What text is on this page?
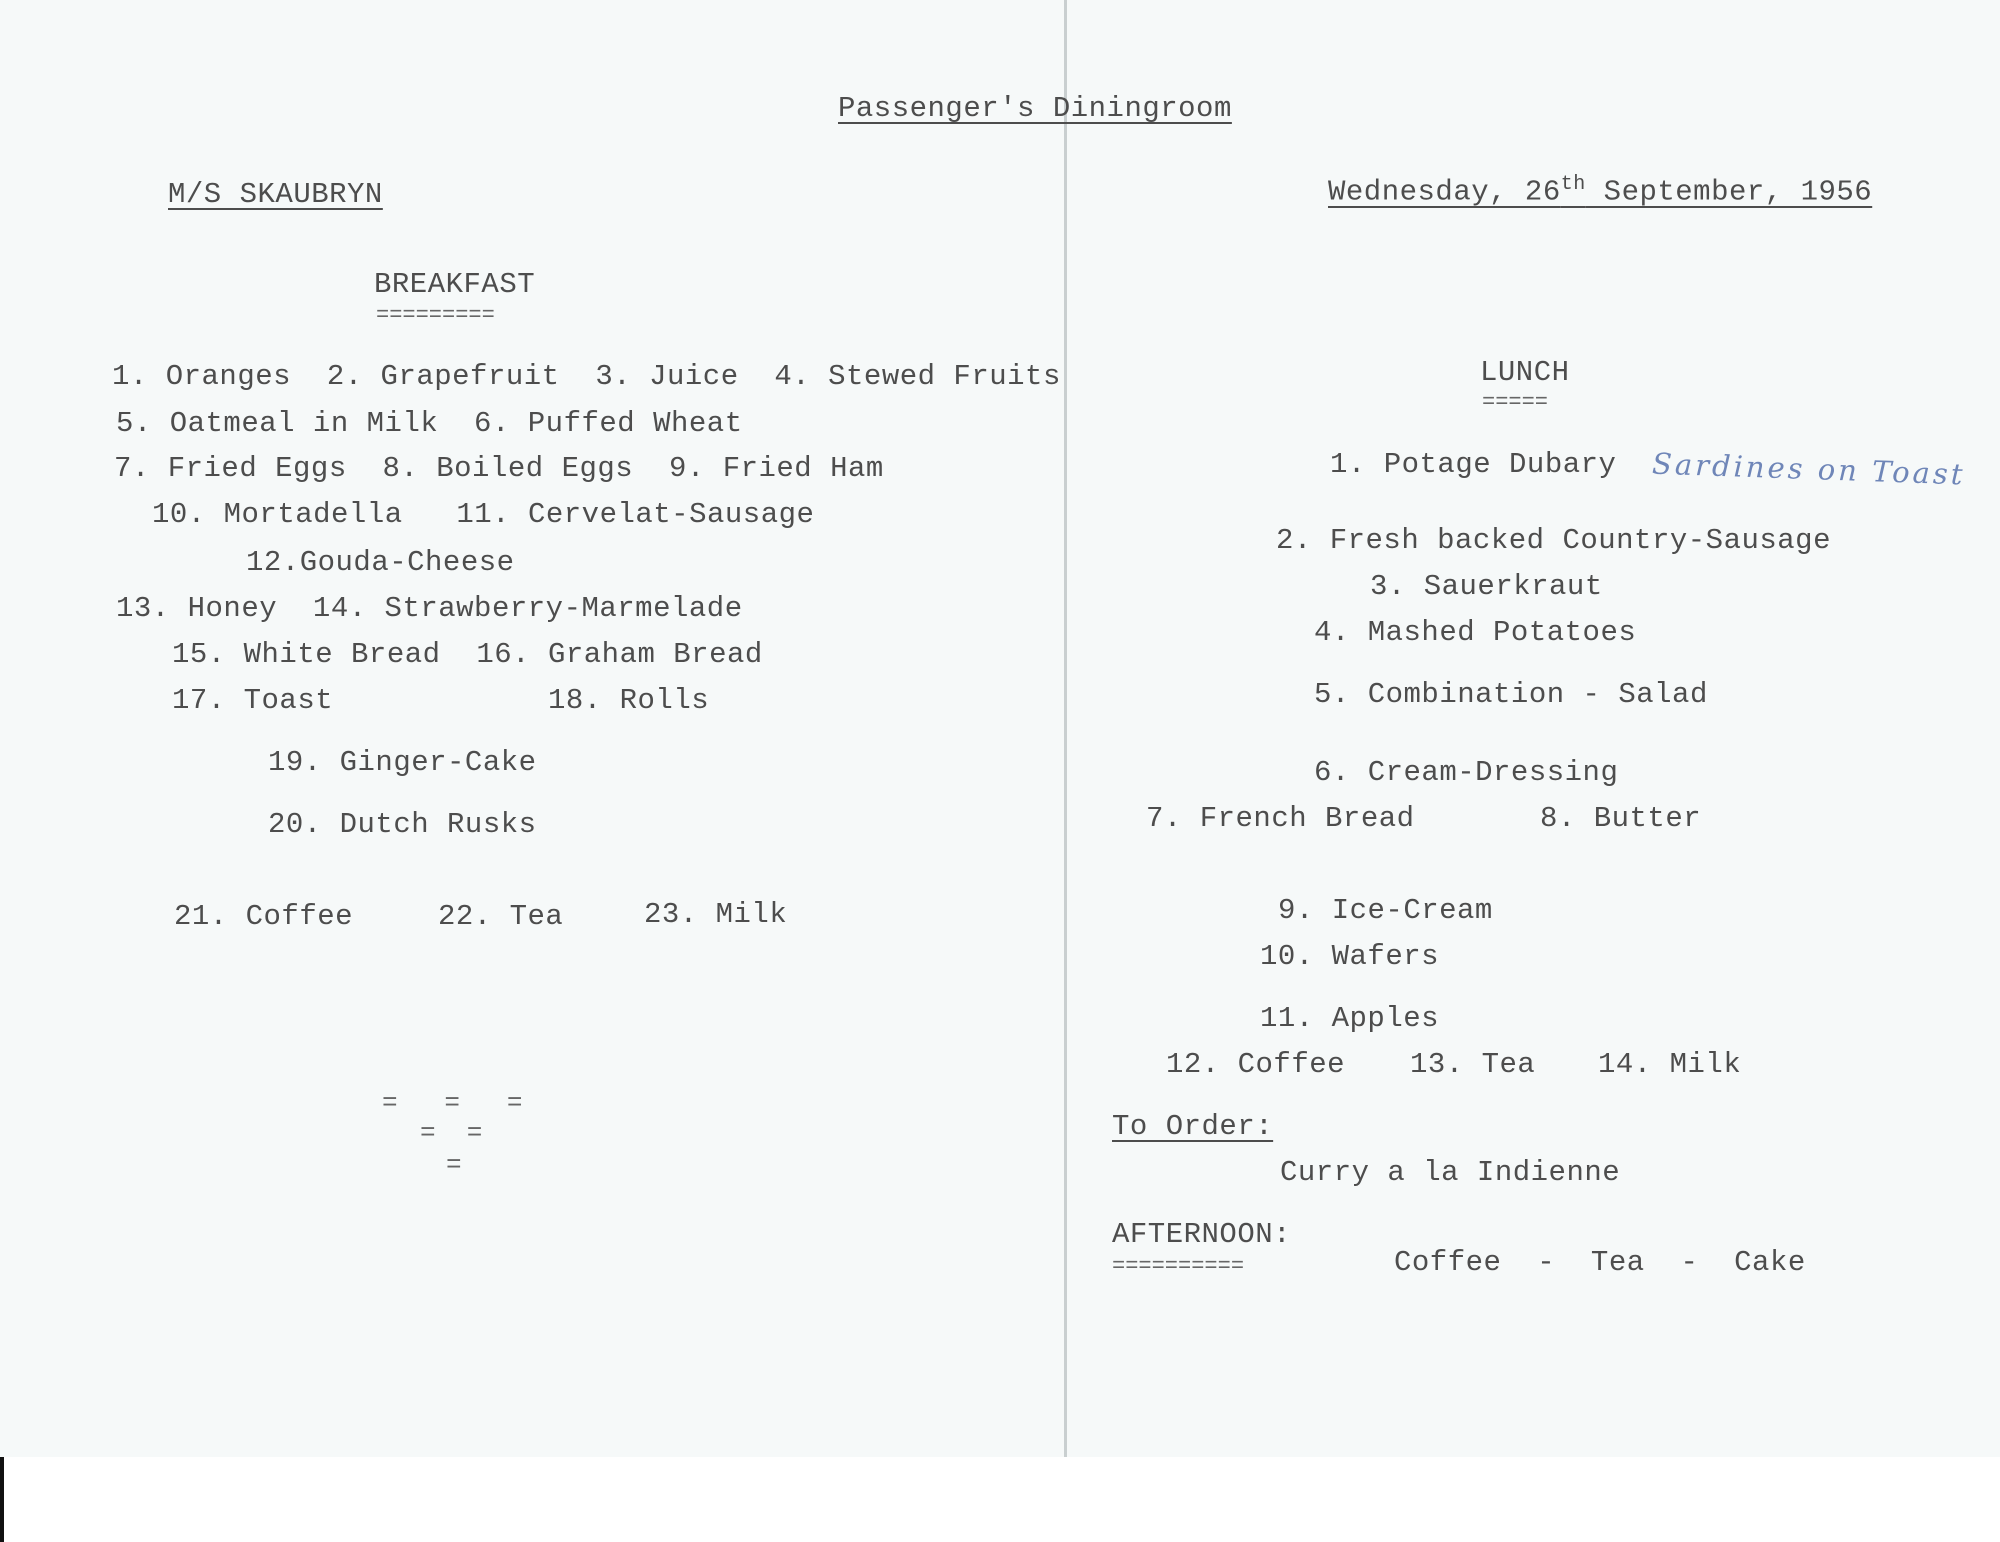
Passenger's Diningroom
M/S SKAUBRYN	Wednesday, 26th September, 1956
BREAKFAST
=========
1. Oranges  2. Grapefruit  3. Juice  4. Stewed Fruits
5. Oatmeal in Milk  6. Puffed Wheat
7. Fried Eggs  8. Boiled Eggs  9. Fried Ham
10. Mortadella   11. Cervelat-Sausage
12.Gouda-Cheese
13. Honey  14. Strawberry-Marmelade
15. White Bread  16. Graham Bread
17. Toast	18. Rolls
19. Ginger-Cake
20. Dutch Rusks
21. Coffee	22. Tea	23. Milk
=   =   =
=  =
=
LUNCH
=====
1. Potage Dubary Sardines on Toast
2. Fresh backed Country-Sausage
3. Sauerkraut
4. Mashed Potatoes
5. Combination - Salad
6. Cream-Dressing
7. French Bread	8. Butter
9. Ice-Cream
10. Wafers
11. Apples
12. Coffee 13. Tea 14. Milk
To Order:
Curry a la Indienne
AFTERNOON:
==========	Coffee  -  Tea  -  Cake
